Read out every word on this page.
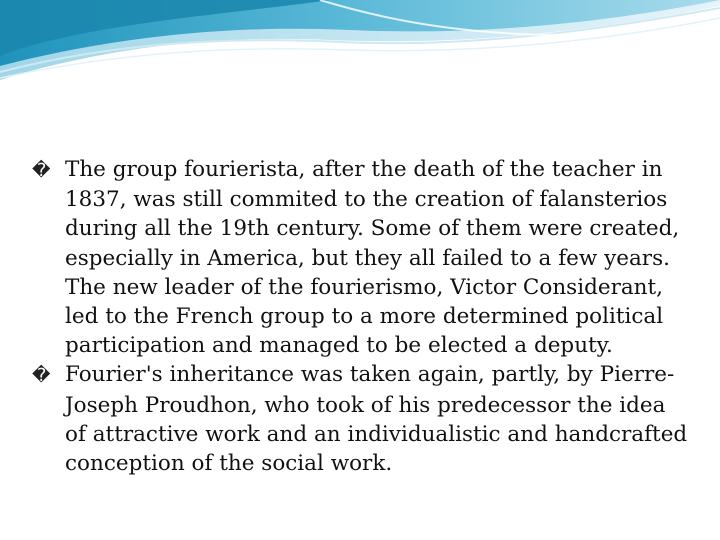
� The group fourierista, after the death of the teacher in 1837, was still commited to the creation of falansterios during all the 19th century. Some of them were created, especially in America, but they all failed to a few years. The new leader of the fourierismo, Victor Considerant, led to the French group to a more determined political participation and managed to be elected a deputy.

� Fourier's inheritance was taken again, partly, by Pierre-Joseph Proudhon, who took of his predecessor the idea of attractive work and an individualistic and handcrafted conception of the social work.
